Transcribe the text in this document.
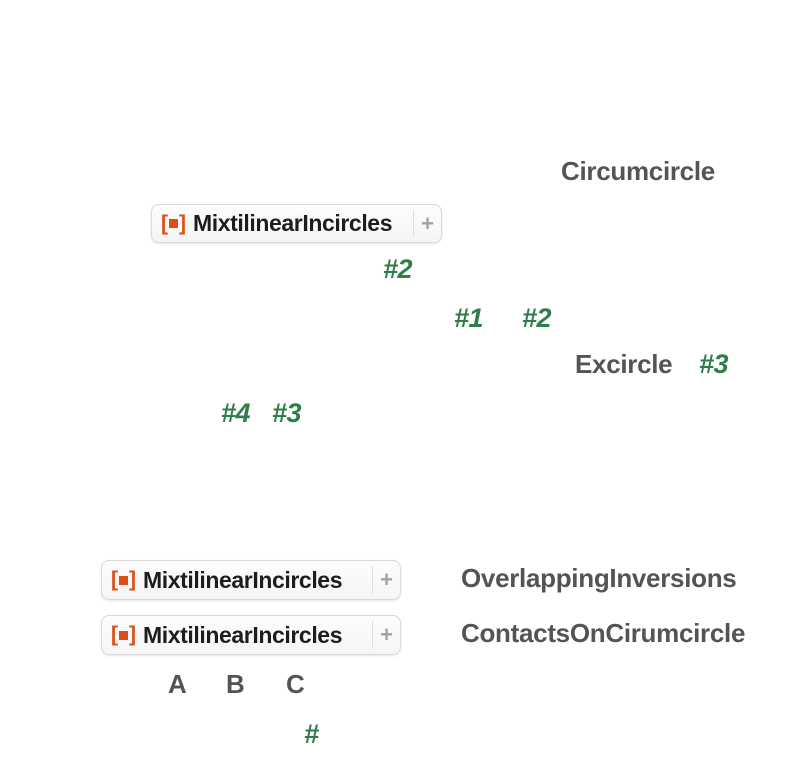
Circumcircle
[ ] MixtilinearIncircles	+
#2
#1 #2
Excircle #3
#4 #3
[ ] MixtilinearIncircles	+	OverlappingInversions
[ ] MixtilinearIncircles	+	ContactsOnCirumcircle
A B C
#
